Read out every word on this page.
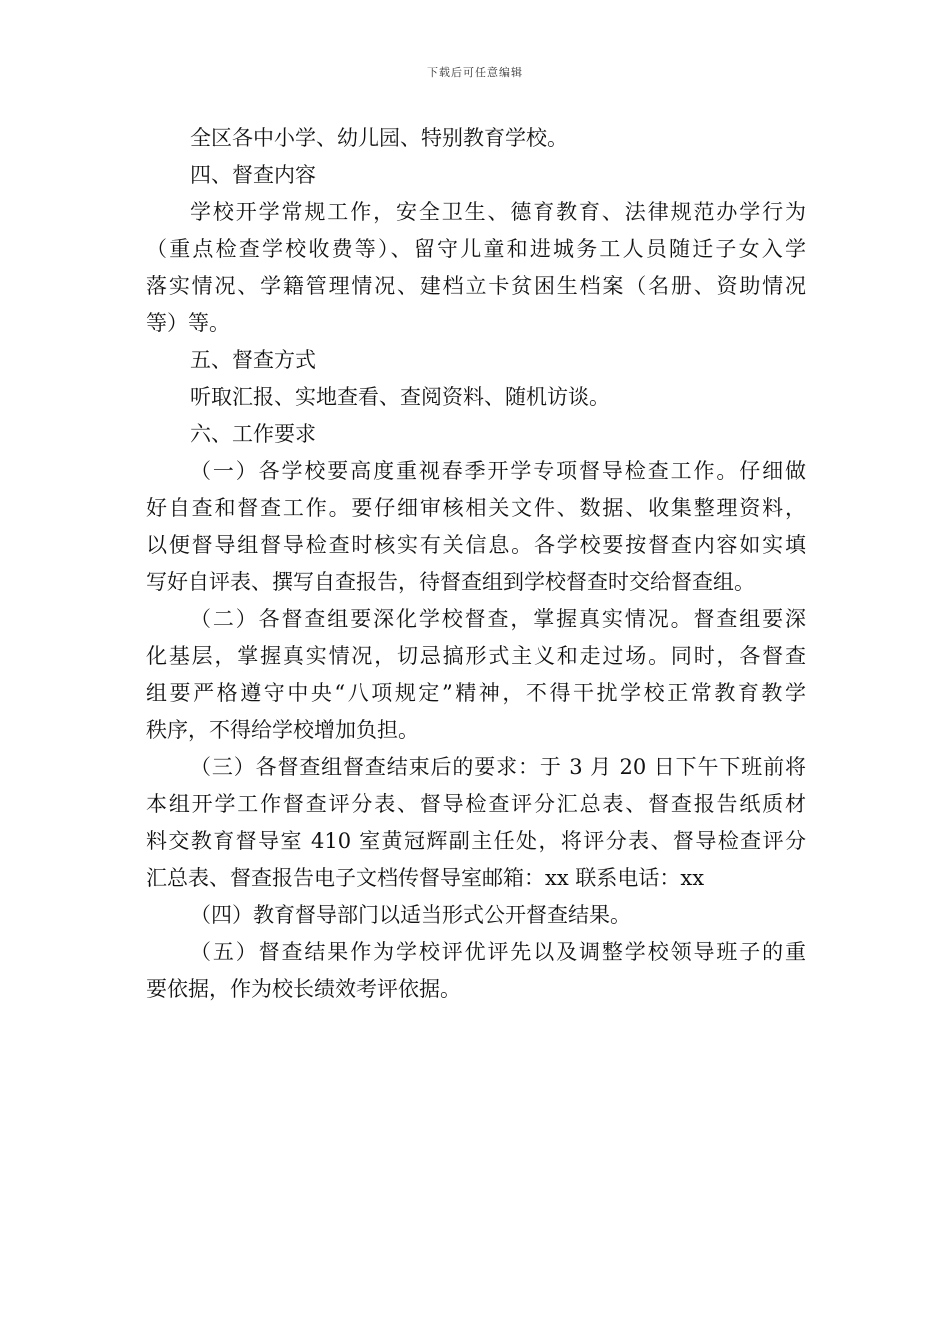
下载后可任意编辑
全区各中小学、幼儿园、特别教育学校。
四、督查内容
学校开学常规工作，安全卫生、德育教育、法律规范办学行为
（重点检查学校收费等）、留守儿童和进城务工人员随迁子女入学
落实情况、学籍管理情况、建档立卡贫困生档案（名册、资助情况
等）等。
五、督查方式
听取汇报、实地查看、查阅资料、随机访谈。
六、工作要求
（一）各学校要高度重视春季开学专项督导检查工作。仔细做
好自查和督查工作。要仔细审核相关文件、数据、收集整理资料，
以便督导组督导检查时核实有关信息。各学校要按督查内容如实填
写好自评表、撰写自查报告，待督查组到学校督查时交给督查组。
（二）各督查组要深化学校督查，掌握真实情况。督查组要深
化基层，掌握真实情况，切忌搞形式主义和走过场。同时，各督查
组要严格遵守中央“八项规定”精神，不得干扰学校正常教育教学
秩序，不得给学校增加负担。
（三）各督查组督查结束后的要求：于 3 月 20 日下午下班前将
本组开学工作督查评分表、督导检查评分汇总表、督查报告纸质材
料交教育督导室 410 室黄冠辉副主任处，将评分表、督导检查评分
汇总表、督查报告电子文档传督导室邮箱：xx 联系电话：xx
（四）教育督导部门以适当形式公开督查结果。
（五）督查结果作为学校评优评先以及调整学校领导班子的重
要依据，作为校长绩效考评依据。
